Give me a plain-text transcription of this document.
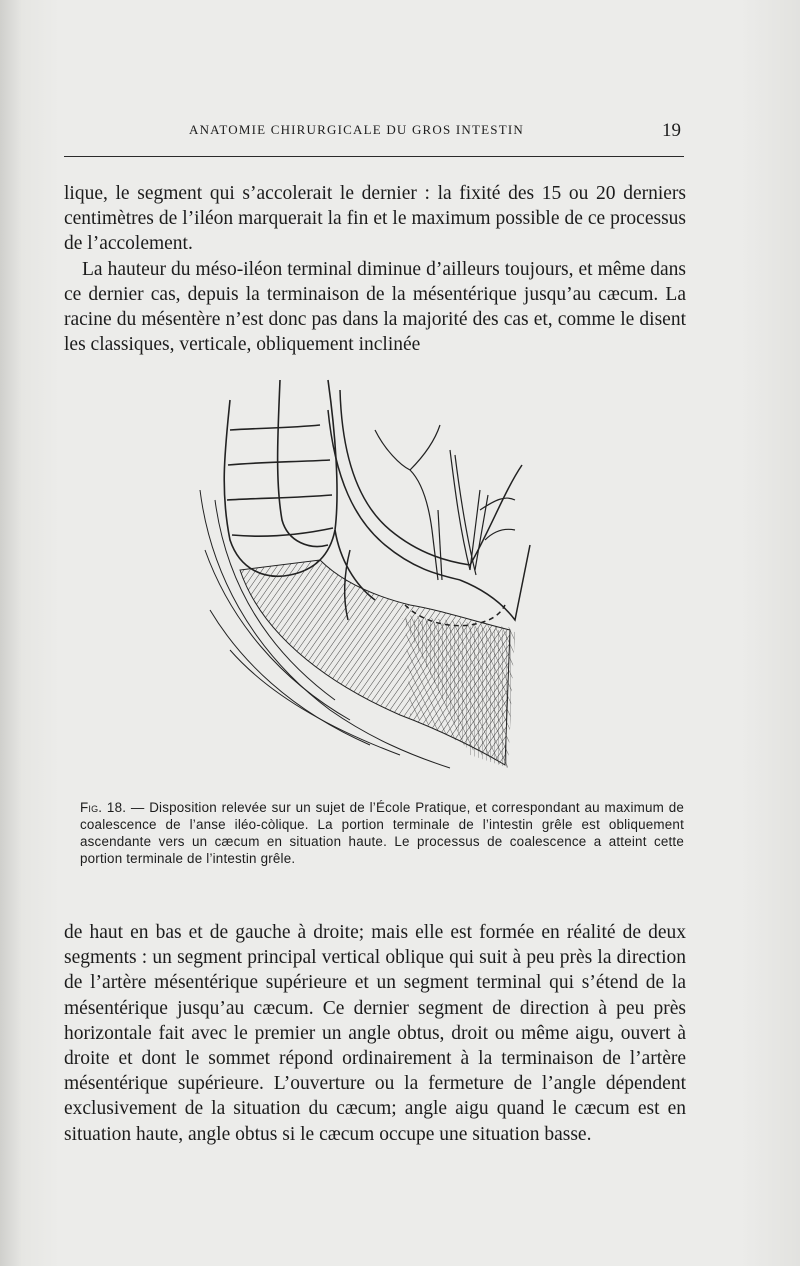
ANATOMIE CHIRURGICALE DU GROS INTESTIN	19

lique, le segment qui s’accolerait le dernier : la fixité des 15 ou 20 derniers centimètres de l’iléon marquerait la fin et le maximum possible de ce processus de l’accolement.

La hauteur du méso-iléon terminal diminue d’ailleurs toujours, et même dans ce dernier cas, depuis la terminaison de la mésentérique jusqu’au cæcum. La racine du mésentère n’est donc pas dans la majorité des cas et, comme le disent les classiques, verticale, obliquement inclinée

Fig. 18. — Disposition relevée sur un sujet de l’École Pratique, et correspondant au maximum de coalescence de l’anse iléo-còlique. La portion terminale de l’intestin grêle est obliquement ascendante vers un cæcum en situation haute. Le processus de coalescence a atteint cette portion terminale de l’intestin grêle.

de haut en bas et de gauche à droite; mais elle est formée en réalité de deux segments : un segment principal vertical oblique qui suit à peu près la direction de l’artère mésentérique supérieure et un segment terminal qui s’étend de la mésentérique jusqu’au cæcum. Ce dernier segment de direction à peu près horizontale fait avec le premier un angle obtus, droit ou même aigu, ouvert à droite et dont le sommet répond ordinairement à la terminaison de l’artère mésentérique supérieure. L’ouverture ou la fermeture de l’angle dépendent exclusivement de la situation du cæcum; angle aigu quand le cæcum est en situation haute, angle obtus si le cæcum occupe une situation basse.
